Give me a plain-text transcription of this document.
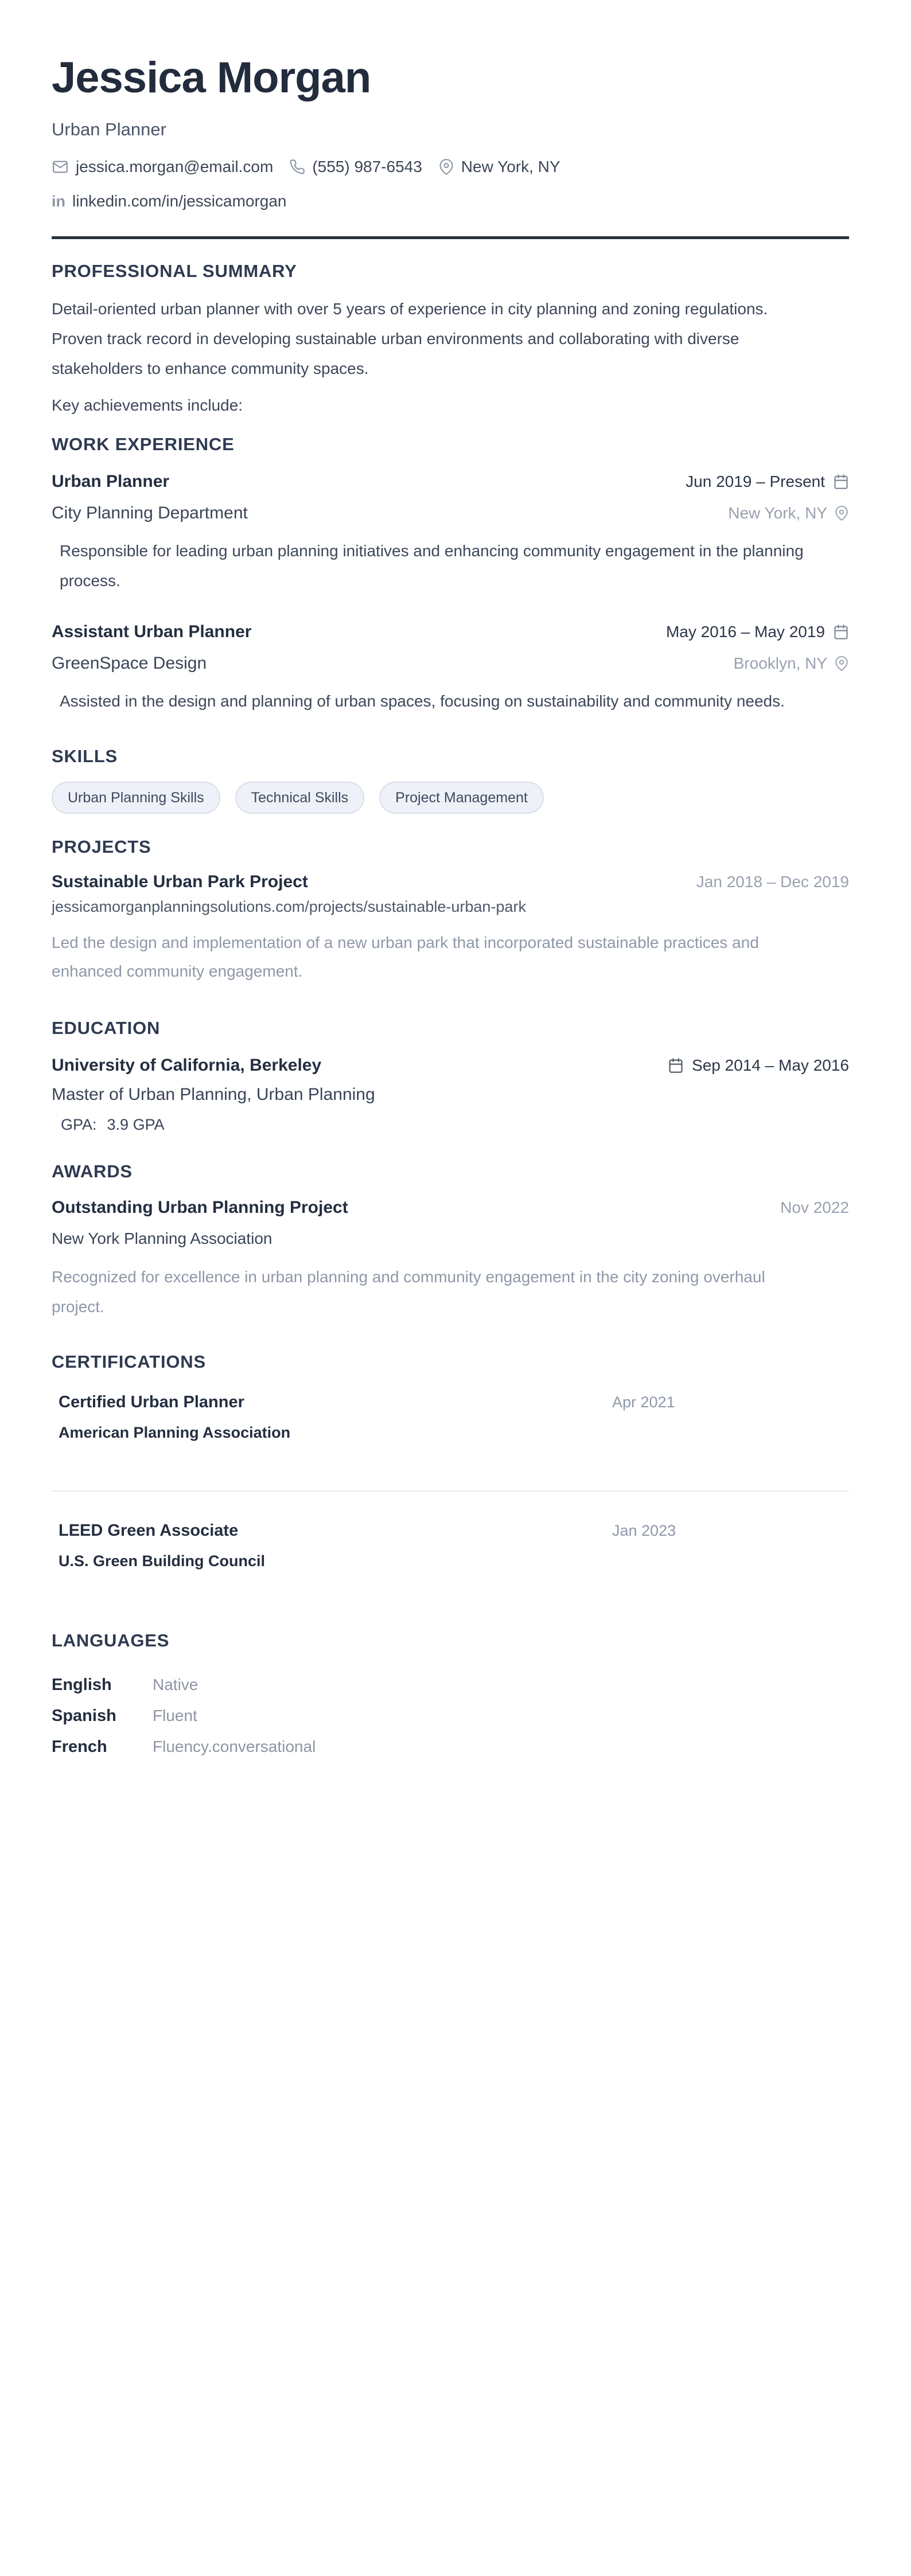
Jessica Morgan
Urban Planner
jessica.morgan@email.com (555) 987-6543 New York, NY
in linkedin.com/in/jessicamorgan
PROFESSIONAL SUMMARY
Detail-oriented urban planner with over 5 years of experience in city planning and zoning regulations. Proven track record in developing sustainable urban environments and collaborating with diverse stakeholders to enhance community spaces.
Key achievements include:
WORK EXPERIENCE
Urban Planner	Jun 2019 – Present
City Planning Department	New York, NY
Responsible for leading urban planning initiatives and enhancing community engagement in the planning process.
Assistant Urban Planner	May 2016 – May 2019
GreenSpace Design	Brooklyn, NY
Assisted in the design and planning of urban spaces, focusing on sustainability and community needs.
SKILLS
Urban Planning Skills	Technical Skills	Project Management
PROJECTS
Sustainable Urban Park Project	Jan 2018 – Dec 2019
jessicamorganplanningsolutions.com/projects/sustainable-urban-park
Led the design and implementation of a new urban park that incorporated sustainable practices and enhanced community engagement.
EDUCATION
University of California, Berkeley	Sep 2014 – May 2016
Master of Urban Planning, Urban Planning
GPA: 3.9 GPA
AWARDS
Outstanding Urban Planning Project	Nov 2022
New York Planning Association
Recognized for excellence in urban planning and community engagement in the city zoning overhaul project.
CERTIFICATIONS
Certified Urban Planner	Apr 2021
American Planning Association
LEED Green Associate	Jan 2023
U.S. Green Building Council
LANGUAGES
English	Native
Spanish	Fluent
French	Fluency.conversational
